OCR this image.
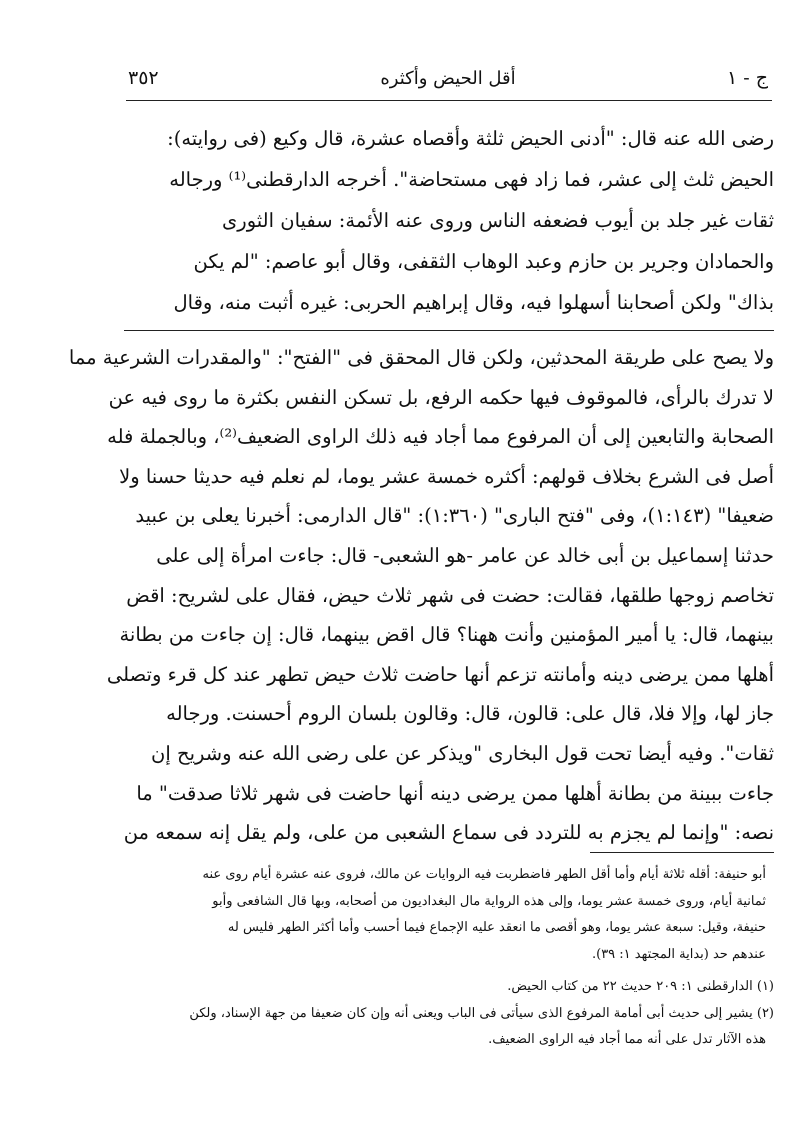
ج - ١
أقل الحيض وأكثره
٣٥٢
رضى الله عنه قال: "أدنى الحيض ثلثة وأقصاه عشرة، قال وكيع (فى روايته):
الحيض ثلث إلى عشر، فما زاد فهى مستحاضة". أخرجه الدارقطنى⁽¹⁾ ورجاله
ثقات غير جلد بن أيوب فضعفه الناس وروى عنه الأئمة: سفيان الثورى
والحمادان وجرير بن حازم وعبد الوهاب الثقفى، وقال أبو عاصم: "لم يكن
بذاك" ولكن أصحابنا أسهلوا فيه، وقال إبراهيم الحربى: غيره أثبت منه، وقال
ولا يصح على طريقة المحدثين، ولكن قال المحقق فى "الفتح": "والمقدرات الشرعية مما
لا تدرك بالرأى، فالموقوف فيها حكمه الرفع، بل تسكن النفس بكثرة ما روى فيه عن
الصحابة والتابعين إلى أن المرفوع مما أجاد فيه ذلك الراوى الضعيف⁽²⁾، وبالجملة فله
أصل فى الشرع بخلاف قولهم: أكثره خمسة عشر يوما، لم نعلم فيه حديثا حسنا ولا
ضعيفا" (١:١٤٣)، وفى "فتح البارى" (١:٣٦٠): "قال الدارمى: أخبرنا يعلى بن عبيد
حدثنا إسماعيل بن أبى خالد عن عامر -هو الشعبى- قال: جاءت امرأة إلى على
تخاصم زوجها طلقها، فقالت: حضت فى شهر ثلاث حيض، فقال على لشريح: اقض
بينهما، قال: يا أمير المؤمنين وأنت ههنا؟ قال اقض بينهما، قال: إن جاءت من بطانة
أهلها ممن يرضى دينه وأمانته تزعم أنها حاضت ثلاث حيض تطهر عند كل قرء وتصلى
جاز لها، وإلا فلا، قال على: قالون، قال: وقالون بلسان الروم أحسنت. ورجاله
ثقات". وفيه أيضا تحت قول البخارى "ويذكر عن على رضى الله عنه وشريح إن
جاءت ببينة من بطانة أهلها ممن يرضى دينه أنها حاضت فى شهر ثلاثا صدقت" ما
نصه: "وإنما لم يجزم به للتردد فى سماع الشعبى من على، ولم يقل إنه سمعه من
أبو حنيفة: أقله ثلاثة أيام وأما أقل الطهر فاضطربت فيه الروايات عن مالك، فروى عنه عشرة أيام روى عنه
ثمانية أيام، وروى خمسة عشر يوما، وإلى هذه الرواية مال البغداديون من أصحابه، وبها قال الشافعى وأبو
حنيفة، وقيل: سبعة عشر يوما، وهو أقصى ما انعقد عليه الإجماع فيما أحسب وأما أكثر الطهر فليس له
عندهم حد (بداية المجتهد ١: ٣٩).
(١) الدارقطنى ١: ٢٠٩ حديث ٢٢ من كتاب الحيض.
(٢) يشير إلى حديث أبى أمامة المرفوع الذى سيأتى فى الباب ويعنى أنه وإن كان ضعيفا من جهة الإسناد، ولكن
هذه الآثار تدل على أنه مما أجاد فيه الراوى الضعيف.
